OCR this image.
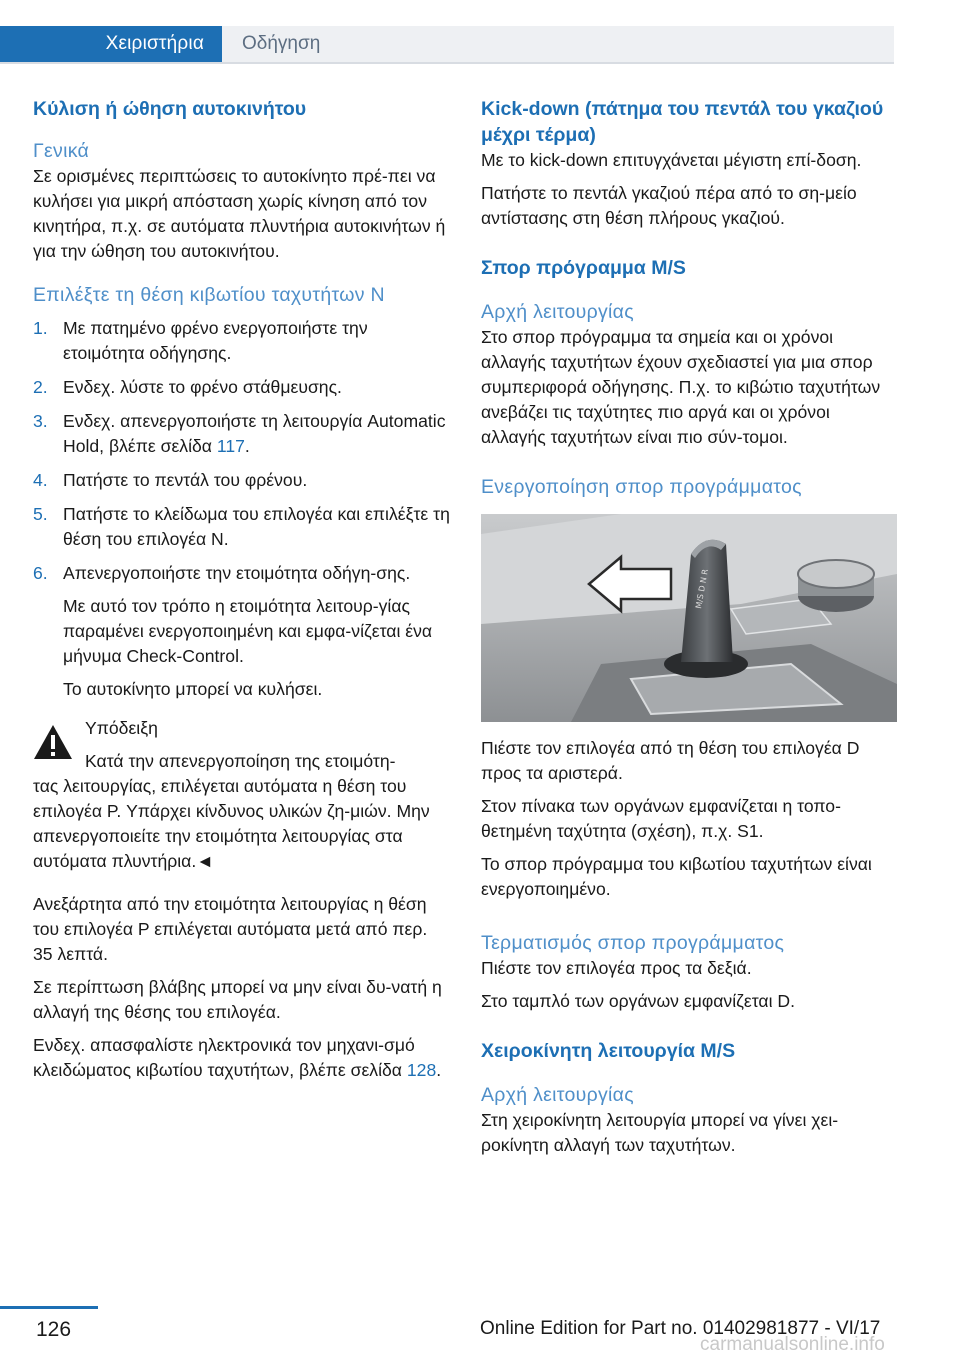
Χειριστήρια	Οδήγηση
Κύλιση ή ώθηση αυτοκινήτου
Γενικά

Σε ορισμένες περιπτώσεις το αυτοκίνητο πρέ-πει να κυλήσει για μικρή απόσταση χωρίς κίνηση από τον κινητήρα, π.χ. σε αυτόματα πλυντήρια αυτοκινήτων ή για την ώθηση του αυτοκινήτου.

Επιλέξτε τη θέση κιβωτίου ταχυτήτων N
1. Με πατημένο φρένο ενεργοποιήστε την ετοιμότητα οδήγησης.
2. Ενδεχ. λύστε το φρένο στάθμευσης.
3. Ενδεχ. απενεργοποιήστε τη λειτουργία Automatic Hold, βλέπε σελίδα 117.
4. Πατήστε το πεντάλ του φρένου.
5. Πατήστε το κλείδωμα του επιλογέα και επιλέξτε τη θέση του επιλογέα N.
6. Απενεργοποιήστε την ετοιμότητα οδήγη-σης.

Με αυτό τον τρόπο η ετοιμότητα λειτουρ-γίας παραμένει ενεργοποιημένη και εμφα-νίζεται ένα μήνυμα Check-Control.

Το αυτοκίνητο μπορεί να κυλήσει.

Υπόδειξη

Κατά την απενεργοποίηση της ετοιμότη-

τας λειτουργίας, επιλέγεται αυτόματα η θέση του επιλογέα P. Υπάρχει κίνδυνος υλικών ζη-μιών. Μην απενεργοποιείτε την ετοιμότητα λειτουργίας στα αυτόματα πλυντήρια.◄

Ανεξάρτητα από την ετοιμότητα λειτουργίας η θέση του επιλογέα P επιλέγεται αυτόματα μετά από περ. 35 λεπτά.

Σε περίπτωση βλάβης μπορεί να μην είναι δυ-νατή η αλλαγή της θέσης του επιλογέα.

Ενδεχ. απασφαλίστε ηλεκτρονικά τον μηχανι-σμό κλειδώματος κιβωτίου ταχυτήτων, βλέπε σελίδα 128.

Kick-down (πάτημα του πεντάλ του γκαζιού μέχρι τέρμα)

Με το kick-down επιτυγχάνεται μέγιστη επί-δοση.

Πατήστε το πεντάλ γκαζιού πέρα από το ση-μείο αντίστασης στη θέση πλήρους γκαζιού.

Σπορ πρόγραμμα M/S
Αρχή λειτουργίας

Στο σπορ πρόγραμμα τα σημεία και οι χρόνοι αλλαγής ταχυτήτων έχουν σχεδιαστεί για μια σπορ συμπεριφορά οδήγησης. Π.χ. το κιβώτιο ταχυτήτων ανεβάζει τις ταχύτητες πιο αργά και οι χρόνοι αλλαγής ταχυτήτων είναι πιο σύν-τομοι.

Ενεργοποίηση σπορ προγράμματος
M/S D N R

Πιέστε τον επιλογέα από τη θέση του επιλογέα D προς τα αριστερά.

Στον πίνακα των οργάνων εμφανίζεται η τοπο-θετημένη ταχύτητα (σχέση), π.χ. S1.

Το σπορ πρόγραμμα του κιβωτίου ταχυτήτων είναι ενεργοποιημένο.

Τερματισμός σπορ προγράμματος

Πιέστε τον επιλογέα προς τα δεξιά.

Στο ταμπλό των οργάνων εμφανίζεται D.

Χειροκίνητη λειτουργία M/S
Αρχή λειτουργίας

Στη χειροκίνητη λειτουργία μπορεί να γίνει χει-ροκίνητη αλλαγή των ταχυτήτων.

126	Online Edition for Part no. 01402981877 - VI/17
carmanualsonline.info
